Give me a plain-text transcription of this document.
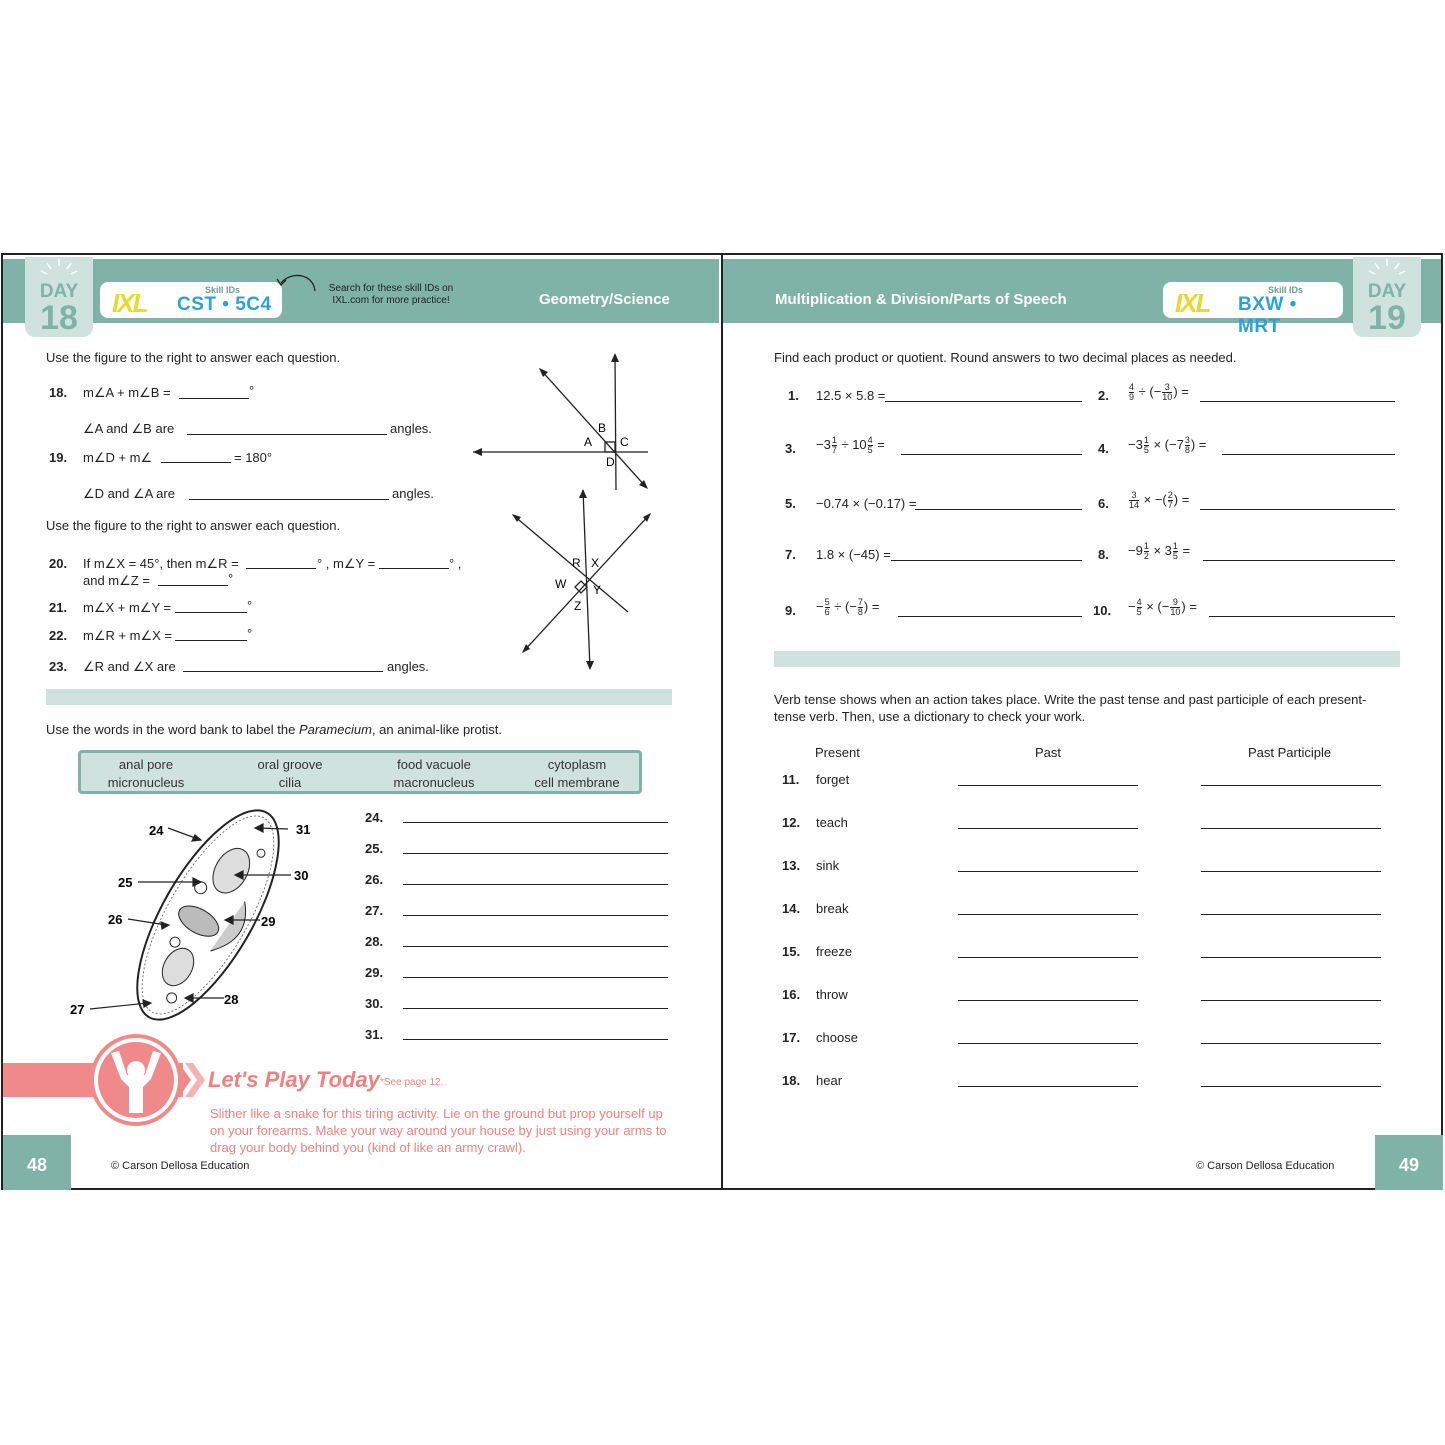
IXL	Skill IDs
CST • 5C4
Search for these skill IDs on IXL.com for more practice!	Geometry/Science
DAY
18
Use the figure to the right to answer each question.
18. m∠A + m∠B =	°
∠A and ∠B are	angles.
19. m∠D + m∠	= 180°
∠D and ∠A are	angles.
A
B
C
D
Use the figure to the right to answer each question.
20. If m∠X = 45°, then m∠R =	° , m∠Y =	° ,
and m∠Z =	°
21. m∠X + m∠Y =	°
22. m∠R + m∠X =	°
23. ∠R and ∠X are	angles.
R X
W Y
Z
Use the words in the word bank to label the Paramecium, an animal-like protist.
anal pore	oral groove	food vacuole	cytoplasm
micronucleus	cilia	macronucleus	cell membrane
24	31
25	30
26	29
27
28
24.
25.
26.
27.
28.
29.
30.
31.
Let's Play Today *See page 12.
Slither like a snake for this tiring activity. Lie on the ground but prop yourself up on your forearms. Make your way around your house by just using your arms to drag your body behind you (kind of like an army crawl).
48	© Carson Dellosa Education
Multiplication & Division/Parts of Speech	IXL	Skill IDs
BXW • MRT
DAY
19
Find each product or quotient. Round answers to two decimal places as needed.
1. 12.5 × 5.8 =	2. $\frac{4}{9}$ ÷ (− $\frac{3}{10}$ ) =
3. $-3 \frac{1}{7} \div 10 \frac{4}{5}$ =	4. $-3 \frac{1}{5} \times (-7 \frac{3}{8}$ ) =
5. −0.74 × (−0.17) =	6. $\frac{3}{14}$ × −( $\frac{2}{7}$ ) =
7. 1.8 × (−45) =	8. $-9 \frac{1}{2} \times 3 \frac{1}{5}$ =
9. − $\frac{5}{6}$ ÷ (− $\frac{7}{8}$ ) =	10. − $\frac{4}{5}$ × (− $\frac{9}{10}$ ) =
Verb tense shows when an action takes place. Write the past tense and past participle of each present-tense verb. Then, use a dictionary to check your work.
Present	Past	Past Participle
11. forget
12. teach
13. sink
14. break
15. freeze
16. throw
17. choose
18. hear
© Carson Dellosa Education	49
